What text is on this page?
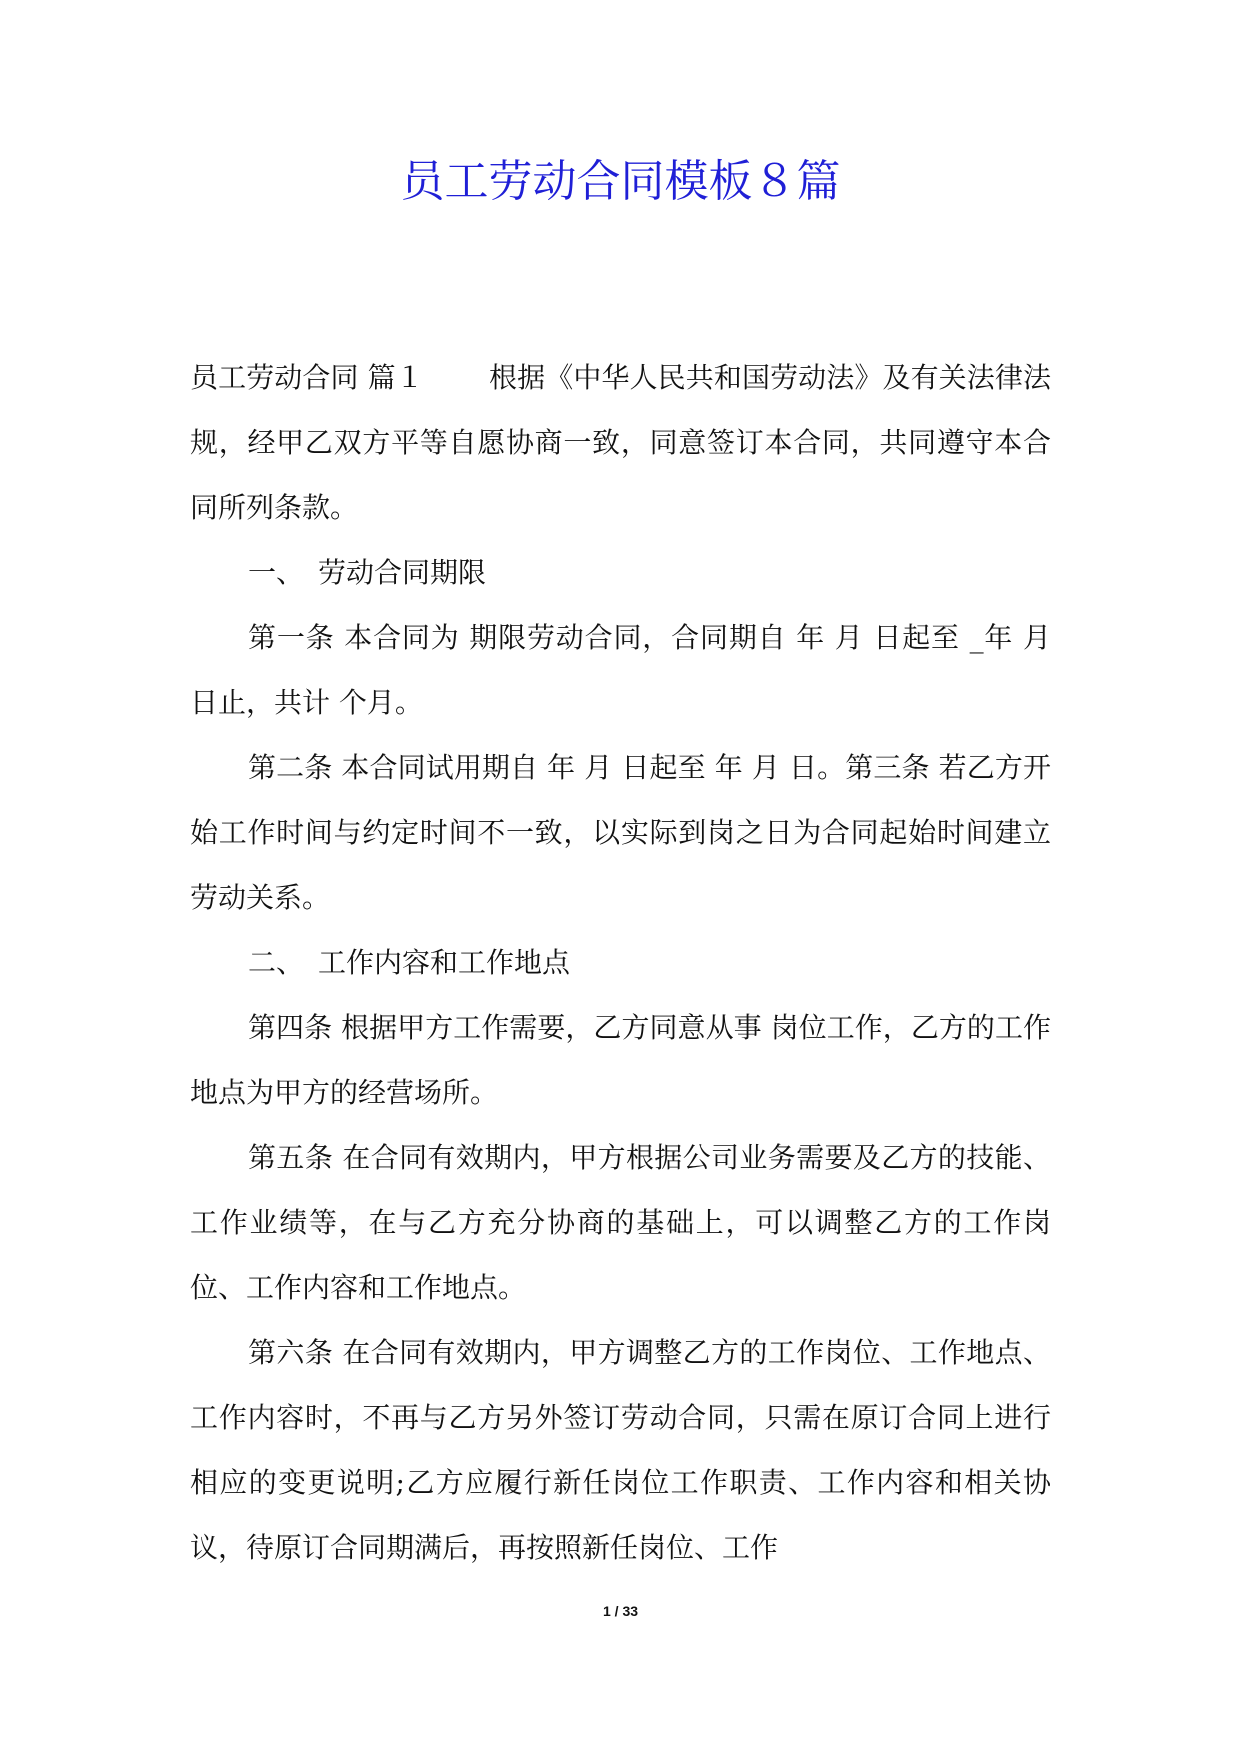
员工劳动合同模板８篇

员工劳动合同 篇１　　 根据《中华人民共和国劳动法》及有关法律法规，经甲乙双方平等自愿协商一致，同意签订本合同，共同遵守本合同所列条款。

一、　劳动合同期限

第一条 本合同为 期限劳动合同，合同期自 年 月 日起至 _年 月 日止，共计 个月。

第二条 本合同试用期自 年 月 日起至 年 月 日。第三条 若乙方开始工作时间与约定时间不一致，以实际到岗之日为合同起始时间建立劳动关系。

二、　工作内容和工作地点

第四条 根据甲方工作需要，乙方同意从事 岗位工作，乙方的工作地点为甲方的经营场所。

第五条 在合同有效期内，甲方根据公司业务需要及乙方的技能、工作业绩等，在与乙方充分协商的基础上，可以调整乙方的工作岗位、工作内容和工作地点。

第六条 在合同有效期内，甲方调整乙方的工作岗位、工作地点、工作内容时，不再与乙方另外签订劳动合同，只需在原订合同上进行相应的变更说明;乙方应履行新任岗位工作职责、工作内容和相关协议，待原订合同期满后，再按照新任岗位、工作

1 / 33
